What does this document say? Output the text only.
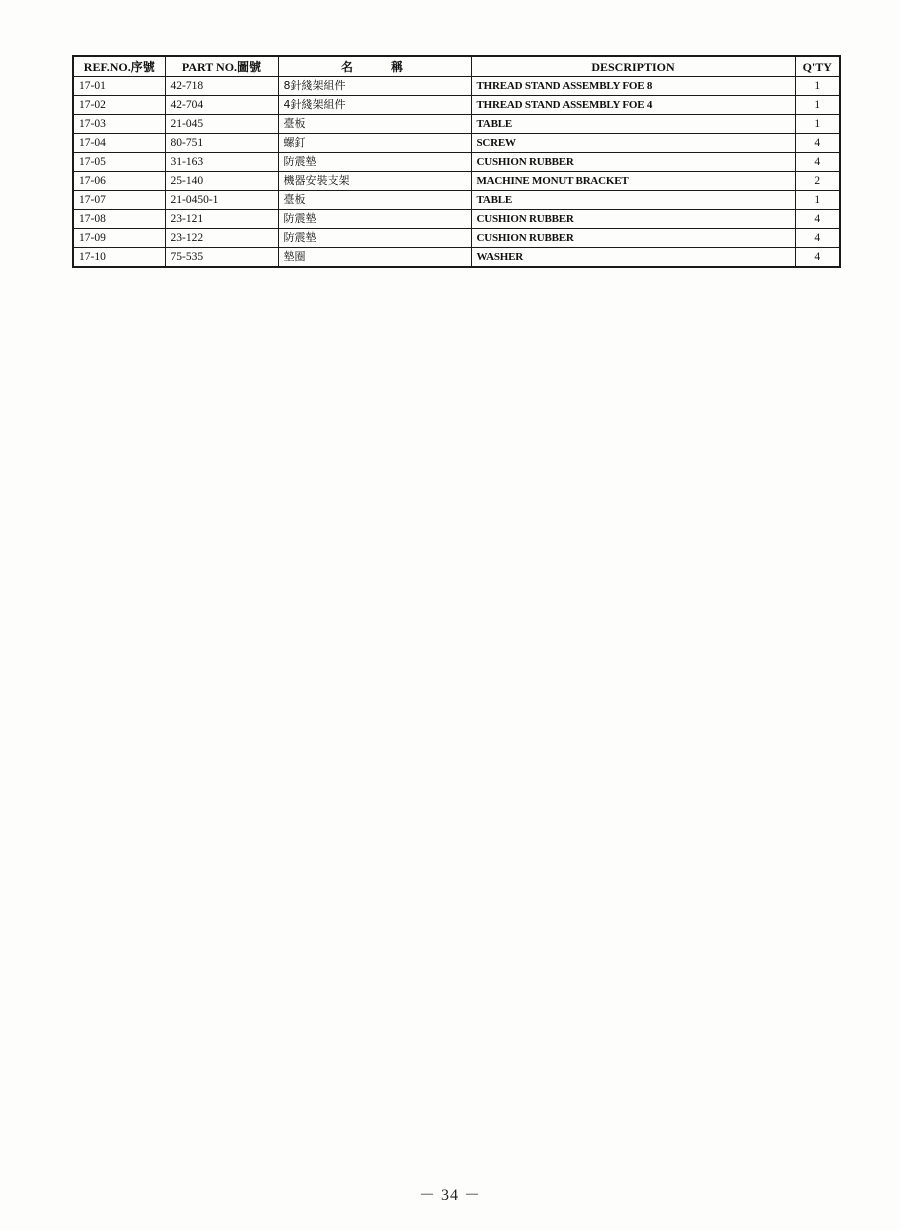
REF.NO.序號	PART NO.圖號	名稱	DESCRIPTION	Q'TY
17-01	42-718	8針綫架組件	THREAD STAND ASSEMBLY FOE 8	1
17-02	42-704	4針綫架組件	THREAD STAND ASSEMBLY FOE 4	1
17-03	21-045	臺板	TABLE	1
17-04	80-751	螺釘	SCREW	4
17-05	31-163	防震墊	CUSHION RUBBER	4
17-06	25-140	機器安裝支架	MACHINE MONUT BRACKET	2
17-07	21-0450-1	臺板	TABLE	1
17-08	23-121	防震墊	CUSHION RUBBER	4
17-09	23-122	防震墊	CUSHION RUBBER	4
17-10	75-535	墊圈	WASHER	4
－ 34 －
